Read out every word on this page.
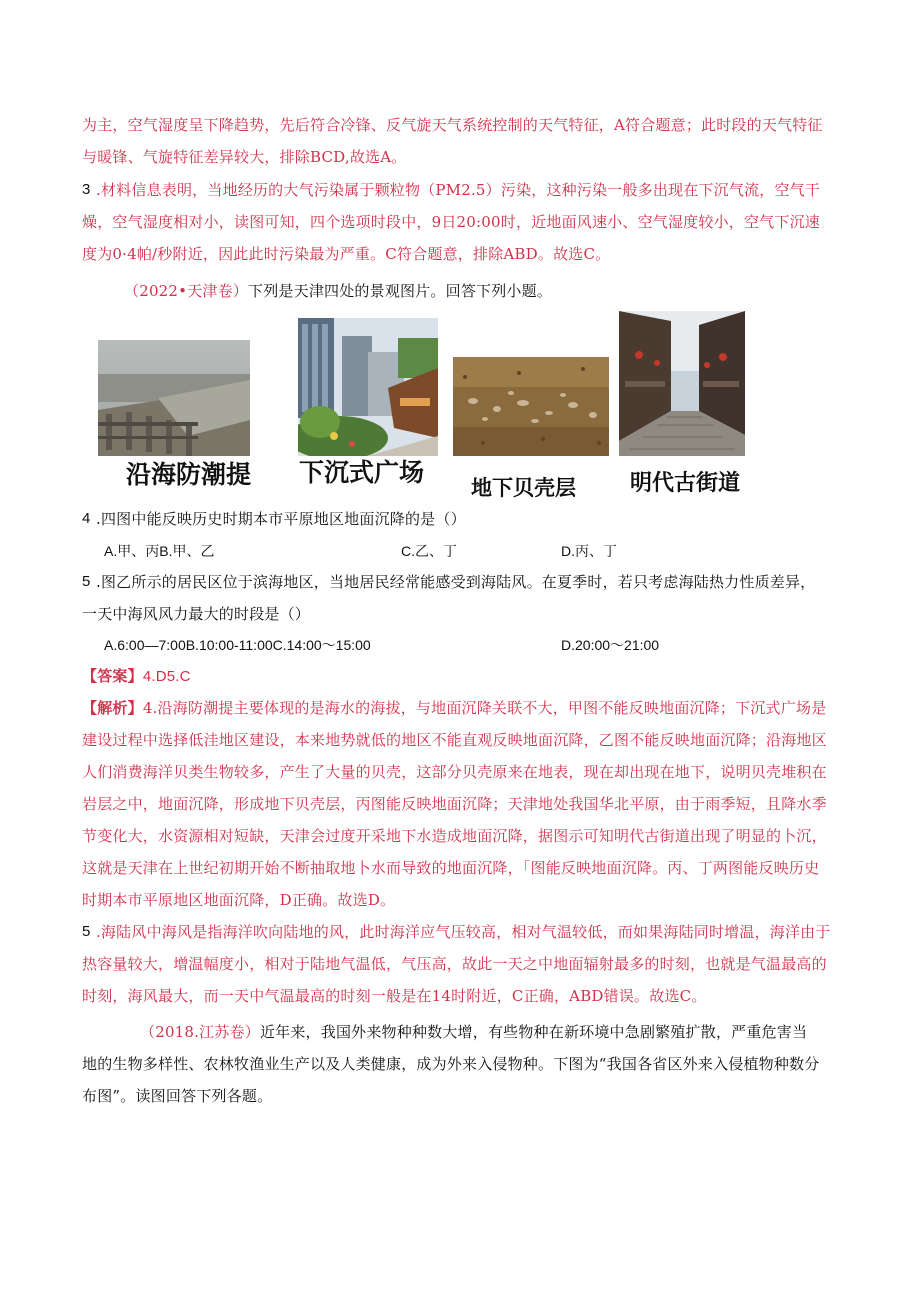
为主，空气湿度呈下降趋势，先后符合冷锋、反气旋天气系统控制的天气特征，A符合题意；此时段的天气特征
与暖锋、气旋特征差异较大，排除BCD,故选A。
3 .材料信息表明，当地经历的大气污染属于颗粒物（PM2.5）污染，这种污染一般多出现在下沉气流，空气干
燥，空气湿度相对小，读图可知，四个选项时段中，9日20:00时，近地面风速小、空气湿度较小，空气下沉速
度为0·4帕/秒附近，因此此时污染最为严重。C符合题意，排除ABD。故选C。
（2022•天津卷）下列是天津四处的景观图片。回答下列小题。
沿海防潮提 下沉式广场
地下贝壳层 明代古街道
4 .四图中能反映历史时期本市平原地区地面沉降的是（）
A.甲、丙B.甲、乙	C.乙、丁	D.丙、丁
5 .图乙所示的居民区位于滨海地区，当地居民经常能感受到海陆风。在夏季时，若只考虑海陆热力性质差异，
一天中海风风力最大的时段是（）
A.6:00—7:00B.10:00-11:00C.14:00～15:00	D.20:00～21:00
【答案】4.D5.C
【解析】4.沿海防潮提主要体现的是海水的海拔，与地面沉降关联不大，甲图不能反映地面沉降；下沉式广场是
建设过程中选择低洼地区建设，本来地势就低的地区不能直观反映地面沉降，乙图不能反映地面沉降；沿海地区
人们消费海洋贝类生物较多，产生了大量的贝壳，这部分贝壳原来在地表，现在却出现在地下，说明贝壳堆积在
岩层之中，地面沉降，形成地下贝壳层，丙图能反映地面沉降；天津地处我国华北平原，由于雨季短，且降水季
节变化大，水资源相对短缺，天津会过度开采地下水造成地面沉降，据图示可知明代古街道出现了明显的卜沉，
这就是天津在上世纪初期开始不断抽取地卜水而导致的地面沉降，「图能反映地面沉降。丙、丁两图能反映历史
时期本市平原地区地面沉降，D正确。故选D。
5 .海陆风中海风是指海洋吹向陆地的风，此时海洋应气压较高，相对气温较低，而如果海陆同时增温，海洋由于
热容量较大，增温幅度小，相对于陆地气温低，气压高，故此一天之中地面辐射最多的时刻，也就是气温最高的
时刻，海风最大，而一天中气温最高的时刻一般是在14时附近，C正确，ABD错误。故选C。
（2018.江苏卷）近年来，我国外来物种种数大增，有些物种在新环境中急剧繁殖扩散，严重危害当
地的生物多样性、农林牧渔业生产以及人类健康，成为外来入侵物种。下图为“我国各省区外来入侵植物种数分
布图”。读图回答下列各题。
